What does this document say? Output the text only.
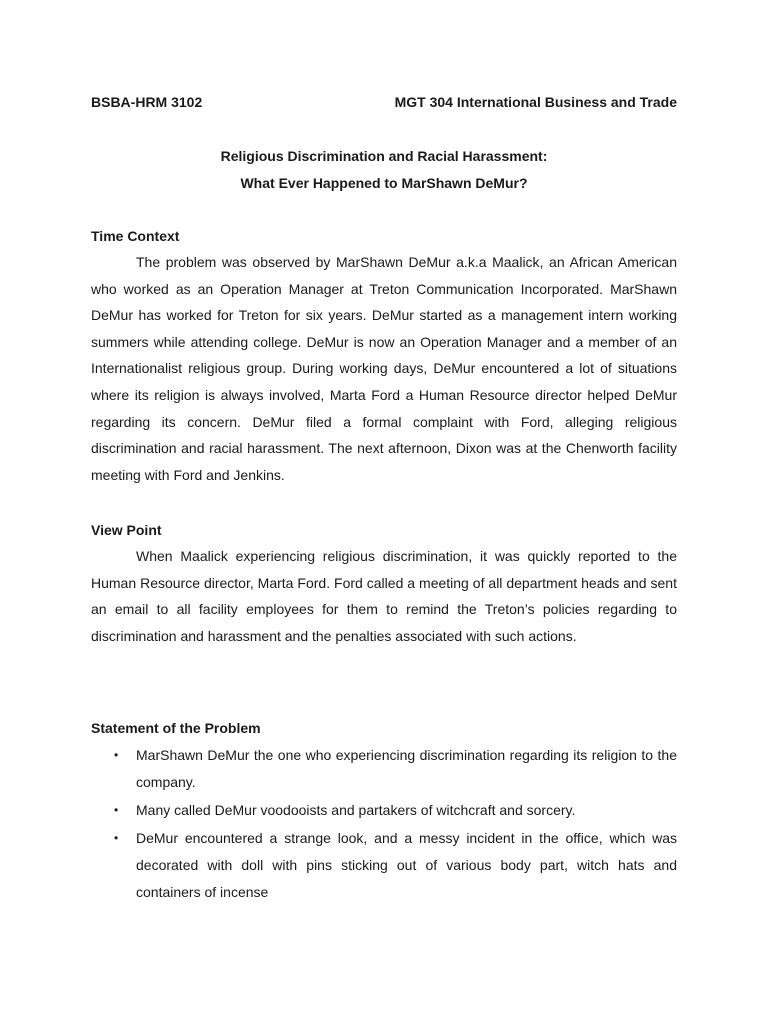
BSBA-HRM 3102	MGT 304 International Business and Trade
Religious Discrimination and Racial Harassment:
What Ever Happened to MarShawn DeMur?
Time Context
The problem was observed by MarShawn DeMur a.k.a Maalick, an African American who worked as an Operation Manager at Treton Communication Incorporated. MarShawn DeMur has worked for Treton for six years. DeMur started as a management intern working summers while attending college. DeMur is now an Operation Manager and a member of an Internationalist religious group. During working days, DeMur encountered a lot of situations where its religion is always involved, Marta Ford a Human Resource director helped DeMur regarding its concern. DeMur filed a formal complaint with Ford, alleging religious discrimination and racial harassment. The next afternoon, Dixon was at the Chenworth facility meeting with Ford and Jenkins.
View Point
When Maalick experiencing religious discrimination, it was quickly reported to the Human Resource director, Marta Ford. Ford called a meeting of all department heads and sent an email to all facility employees for them to remind the Treton’s policies regarding to discrimination and harassment and the penalties associated with such actions.
Statement of the Problem
• MarShawn DeMur the one who experiencing discrimination regarding its religion to the company.
• Many called DeMur voodooists and partakers of witchcraft and sorcery.
• DeMur encountered a strange look, and a messy incident in the office, which was decorated with doll with pins sticking out of various body part, witch hats and containers of incense
